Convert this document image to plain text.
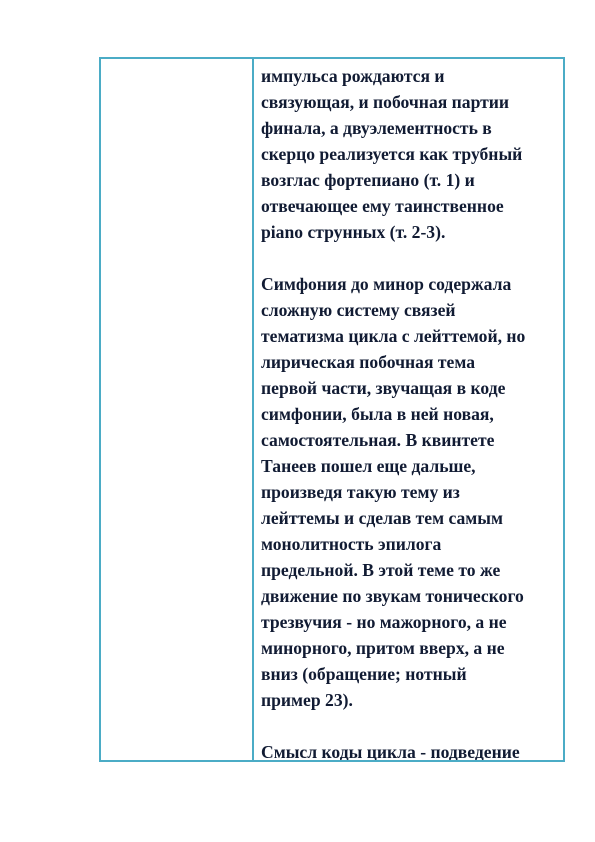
импульса рождаются и
связующая, и побочная партии
финала, а двуэлементность в
скерцо реализуется как трубный
возглас фортепиано (т. 1) и
отвечающее ему таинственное
piano струнных (т. 2-3).

Симфония до минор содержала
сложную систему связей
тематизма цикла с лейттемой, но
лирическая побочная тема
первой части, звучащая в коде
симфонии, была в ней новая,
самостоятельная. В квинтете
Танеев пошел еще дальше,
произведя такую тему из
лейттемы и сделав тем самым
монолитность эпилога
предельной. В этой теме то же
движение по звукам тонического
трезвучия - но мажорного, а не
минорного, притом вверх, а не
вниз (обращение; нотный
пример 23).

Смысл коды цикла - подведение
